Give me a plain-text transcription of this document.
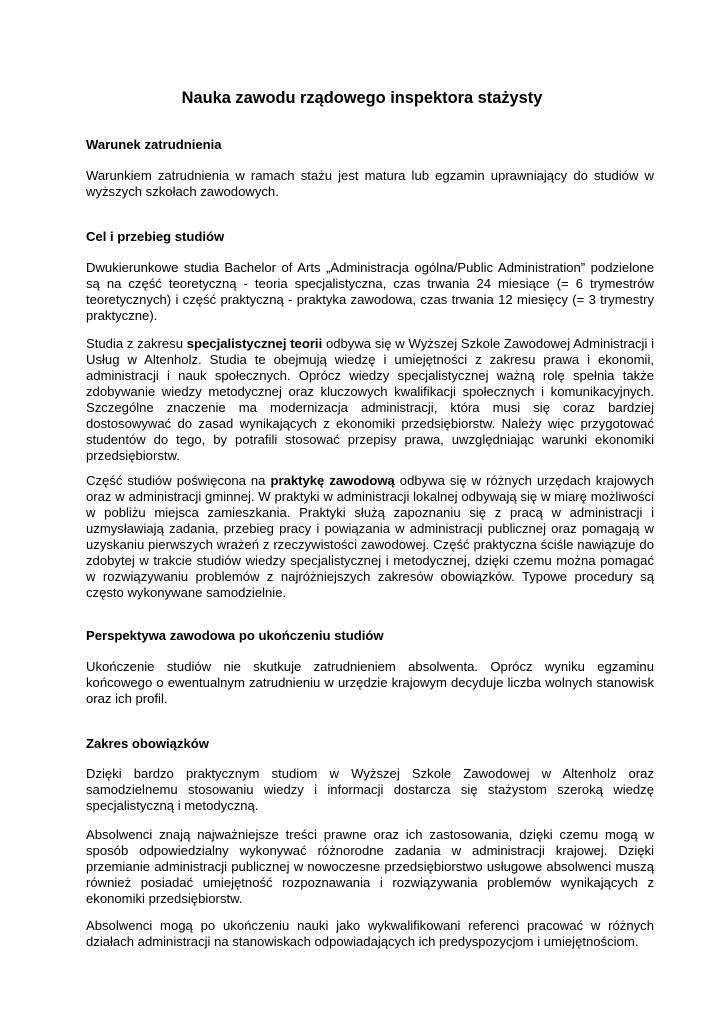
Nauka zawodu rządowego inspektora stażysty
Warunek zatrudnienia

Warunkiem zatrudnienia w ramach stażu jest matura lub egzamin uprawniający do studiów w wyższych szkołach zawodowych.

Cel i przebieg studiów

Dwukierunkowe studia Bachelor of Arts „Administracja ogólna/Public Administration” podzielone są na część teoretyczną - teoria specjalistyczna, czas trwania 24 miesiące (= 6 trymestrów teoretycznych) i część praktyczną - praktyka zawodowa, czas trwania 12 miesięcy (= 3 trymestry praktyczne).

Studia z zakresu specjalistycznej teorii odbywa się w Wyższej Szkole Zawodowej Administracji i Usług w Altenholz. Studia te obejmują wiedzę i umiejętności z zakresu prawa i ekonomii, administracji i nauk społecznych. Oprócz wiedzy specjalistycznej ważną rolę spełnia także zdobywanie wiedzy metodycznej oraz kluczowych kwalifikacji społecznych i komunikacyjnych. Szczególne znaczenie ma modernizacja administracji, która musi się coraz bardziej dostosowywać do zasad wynikających z ekonomiki przedsiębiorstw. Należy więc przygotować studentów do tego, by potrafili stosować przepisy prawa, uwzględniając warunki ekonomiki przedsiębiorstw.

Część studiów poświęcona na praktykę zawodową odbywa się w różnych urzędach krajowych oraz w administracji gminnej. W praktyki w administracji lokalnej odbywają się w miarę możliwości w pobliżu miejsca zamieszkania. Praktyki służą zapoznaniu się z pracą w administracji i uzmysławiają zadania, przebieg pracy i powiązania w administracji publicznej oraz pomagają w uzyskaniu pierwszych wrażeń z rzeczywistości zawodowej. Część praktyczna ściśle nawiązuje do zdobytej w trakcie studiów wiedzy specjalistycznej i metodycznej, dzięki czemu można pomagać w rozwiązywaniu problemów z najróżniejszych zakresów obowiązków. Typowe procedury są często wykonywane samodzielnie.

Perspektywa zawodowa po ukończeniu studiów

Ukończenie studiów nie skutkuje zatrudnieniem absolwenta. Oprócz wyniku egzaminu końcowego o ewentualnym zatrudnieniu w urzędzie krajowym decyduje liczba wolnych stanowisk oraz ich profil.

Zakres obowiązków

Dzięki bardzo praktycznym studiom w Wyższej Szkole Zawodowej w Altenholz oraz samodzielnemu stosowaniu wiedzy i informacji dostarcza się stażystom szeroką wiedzę specjalistyczną i metodyczną.

Absolwenci znają najważniejsze treści prawne oraz ich zastosowania, dzięki czemu mogą w sposób odpowiedzialny wykonywać różnorodne zadania w administracji krajowej. Dzięki przemianie administracji publicznej w nowoczesne przedsiębiorstwo usługowe absolwenci muszą również posiadać umiejętność rozpoznawania i rozwiązywania problemów wynikających z ekonomiki przedsiębiorstw.

Absolwenci mogą po ukończeniu nauki jako wykwalifikowani referenci pracować w różnych działach administracji na stanowiskach odpowiadających ich predyspozycjom i umiejętnościom.
